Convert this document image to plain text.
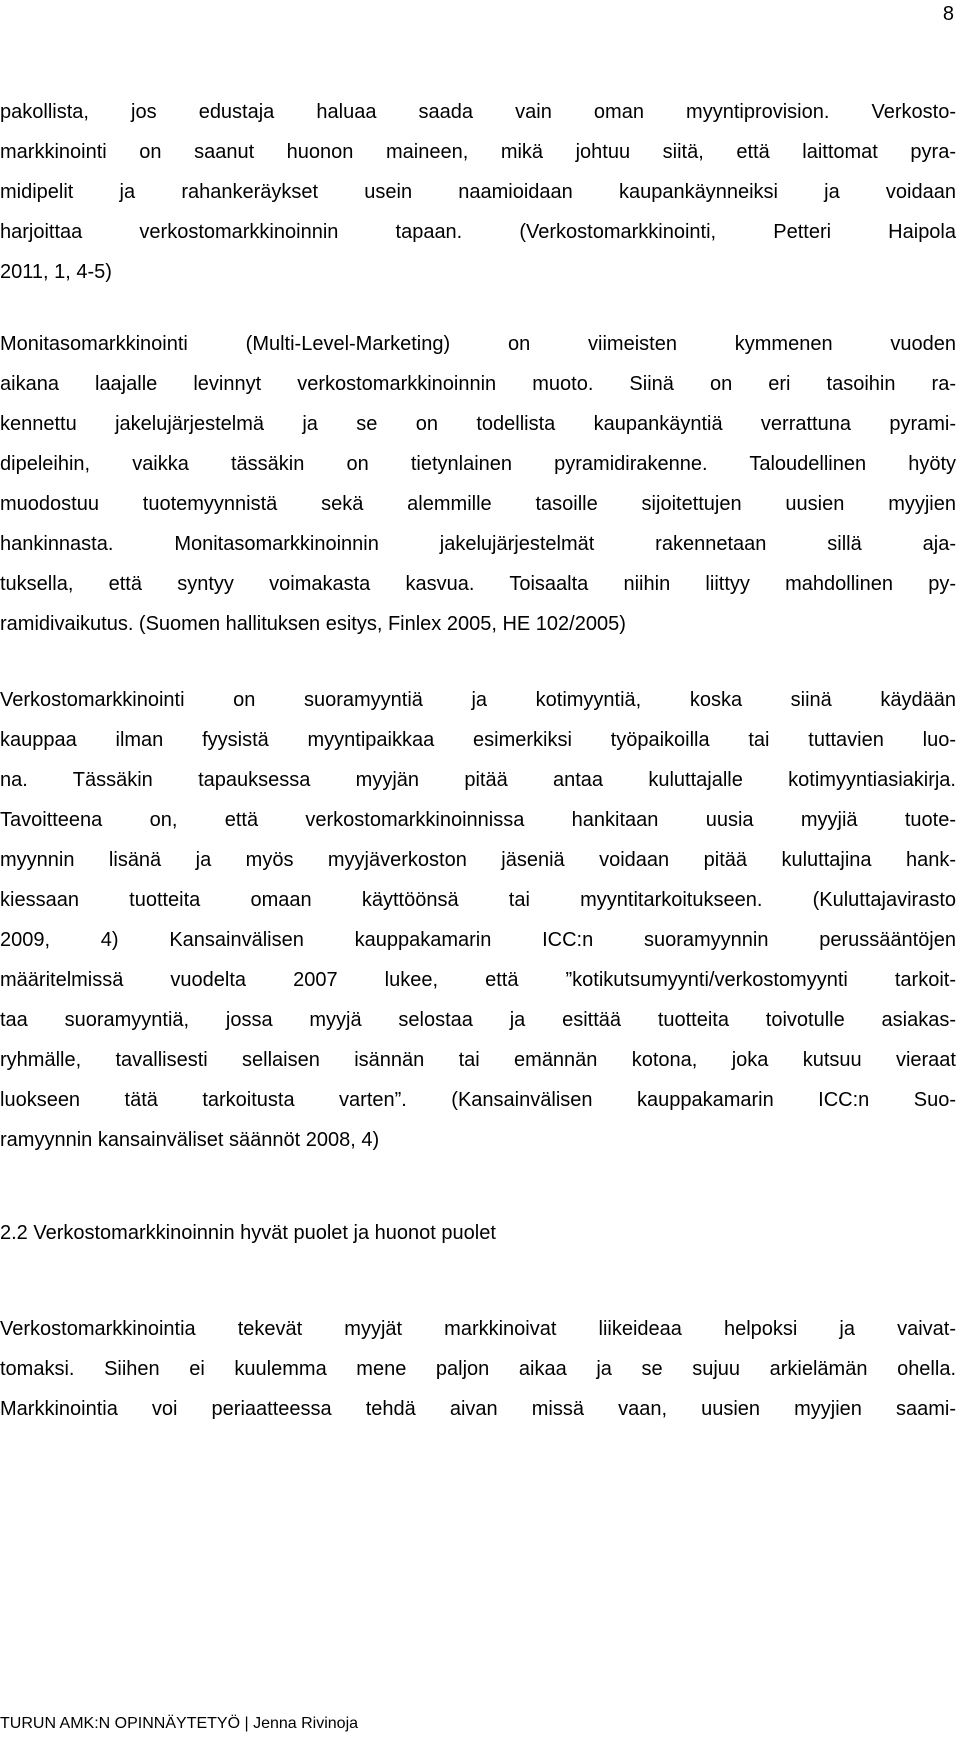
8
pakollista, jos edustaja haluaa saada vain oman myyntiprovision. Verkosto-
markkinointi on saanut huonon maineen, mikä johtuu siitä, että laittomat pyra-
midipelit ja rahankeräykset usein naamioidaan kaupankäynneiksi ja voidaan
harjoittaa verkostomarkkinoinnin tapaan. (Verkostomarkkinointi, Petteri Haipola
2011, 1, 4-5)
Monitasomarkkinointi (Multi-Level-Marketing) on viimeisten kymmenen vuoden
aikana laajalle levinnyt verkostomarkkinoinnin muoto. Siinä on eri tasoihin ra-
kennettu jakelujärjestelmä ja se on todellista kaupankäyntiä verrattuna pyrami-
dipeleihin, vaikka tässäkin on tietynlainen pyramidirakenne. Taloudellinen hyöty
muodostuu tuotemyynnistä sekä alemmille tasoille sijoitettujen uusien myyjien
hankinnasta. Monitasomarkkinoinnin jakelujärjestelmät rakennetaan sillä aja-
tuksella, että syntyy voimakasta kasvua. Toisaalta niihin liittyy mahdollinen py-
ramidivaikutus. (Suomen hallituksen esitys, Finlex 2005, HE 102/2005)
Verkostomarkkinointi on suoramyyntiä ja kotimyyntiä, koska siinä käydään
kauppaa ilman fyysistä myyntipaikkaa esimerkiksi työpaikoilla tai tuttavien luo-
na. Tässäkin tapauksessa myyjän pitää antaa kuluttajalle kotimyyntiasiakirja.
Tavoitteena on, että verkostomarkkinoinnissa hankitaan uusia myyjiä tuote-
myynnin lisänä ja myös myyjäverkoston jäseniä voidaan pitää kuluttajina hank-
kiessaan tuotteita omaan käyttöönsä tai myyntitarkoitukseen. (Kuluttajavirasto
2009, 4) Kansainvälisen kauppakamarin ICC:n suoramyynnin perussääntöjen
määritelmissä vuodelta 2007 lukee, että ”kotikutsumyynti/verkostomyynti tarkoit-
taa suoramyyntiä, jossa myyjä selostaa ja esittää tuotteita toivotulle asiakas-
ryhmälle, tavallisesti sellaisen isännän tai emännän kotona, joka kutsuu vieraat
luokseen tätä tarkoitusta varten”. (Kansainvälisen kauppakamarin ICC:n Suo-
ramyynnin kansainväliset säännöt 2008, 4)
2.2 Verkostomarkkinoinnin hyvät puolet ja huonot puolet
Verkostomarkkinointia tekevät myyjät markkinoivat liikeideaa helpoksi ja vaivat-
tomaksi. Siihen ei kuulemma mene paljon aikaa ja se sujuu arkielämän ohella.
Markkinointia voi periaatteessa tehdä aivan missä vaan, uusien myyjien saami-
TURUN AMK:N OPINNÄYTETYÖ | Jenna Rivinoja
